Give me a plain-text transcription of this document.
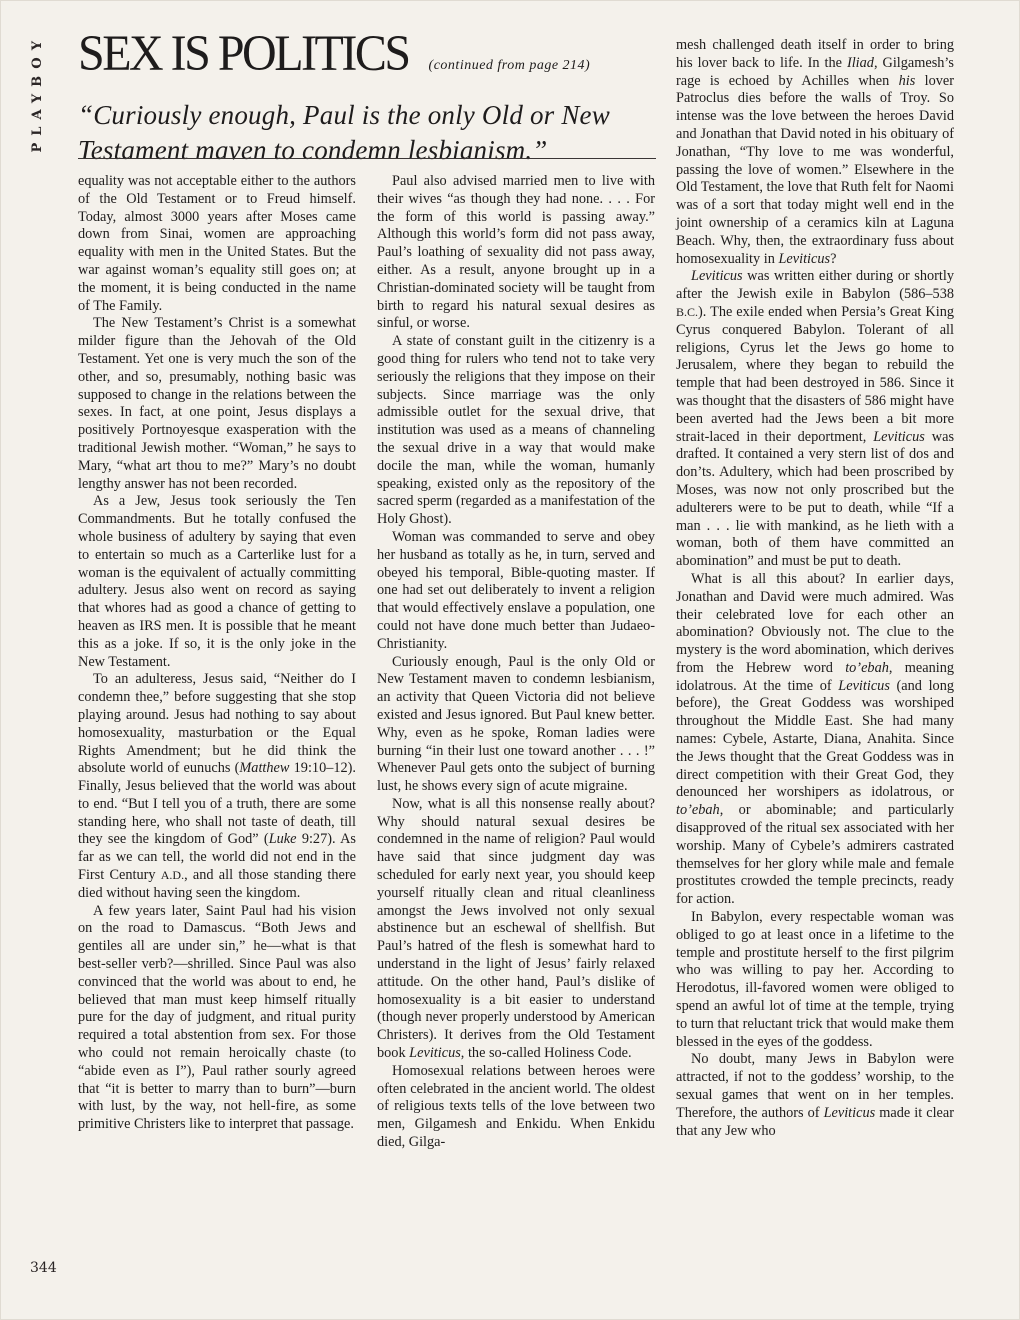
PLAYBOY
344
SEX IS POLITICS (continued from page 214)

“Curiously enough, Paul is the only Old or New Testament maven to condemn lesbianism.”

equality was not acceptable either to the authors of the Old Testament or to Freud himself. Today, almost 3000 years after Moses came down from Sinai, women are approaching equality with men in the United States. But the war against woman’s equality still goes on; at the moment, it is being conducted in the name of The Family.

The New Testament’s Christ is a somewhat milder figure than the Jehovah of the Old Testament. Yet one is very much the son of the other, and so, presumably, nothing basic was supposed to change in the relations between the sexes. In fact, at one point, Jesus displays a positively Portnoyesque exasperation with the traditional Jewish mother. “Woman,” he says to Mary, “what art thou to me?” Mary’s no doubt lengthy answer has not been recorded.

As a Jew, Jesus took seriously the Ten Commandments. But he totally confused the whole business of adultery by saying that even to entertain so much as a Carterlike lust for a woman is the equivalent of actually committing adultery. Jesus also went on record as saying that whores had as good a chance of getting to heaven as IRS men. It is possible that he meant this as a joke. If so, it is the only joke in the New Testament.

To an adulteress, Jesus said, “Neither do I condemn thee,” before suggesting that she stop playing around. Jesus had nothing to say about homosexuality, masturbation or the Equal Rights Amendment; but he did think the absolute world of eunuchs (Matthew 19:10–12). Finally, Jesus believed that the world was about to end. “But I tell you of a truth, there are some standing here, who shall not taste of death, till they see the kingdom of God” (Luke 9:27). As far as we can tell, the world did not end in the First Century A.D., and all those standing there died without having seen the kingdom.

A few years later, Saint Paul had his vision on the road to Damascus. “Both Jews and gentiles all are under sin,” he—what is that best-seller verb?—shrilled. Since Paul was also convinced that the world was about to end, he believed that man must keep himself ritually pure for the day of judgment, and ritual purity required a total abstention from sex. For those who could not remain heroically chaste (to “abide even as I”), Paul rather sourly agreed that “it is better to marry than to burn”—burn with lust, by the way, not hell-fire, as some primitive Christers like to interpret that passage.

Paul also advised married men to live with their wives “as though they had none. . . . For the form of this world is passing away.” Although this world’s form did not pass away, Paul’s loathing of sexuality did not pass away, either. As a result, anyone brought up in a Christian-dominated society will be taught from birth to regard his natural sexual desires as sinful, or worse.

A state of constant guilt in the citizenry is a good thing for rulers who tend not to take very seriously the religions that they impose on their subjects. Since marriage was the only admissible outlet for the sexual drive, that institution was used as a means of channeling the sexual drive in a way that would make docile the man, while the woman, humanly speaking, existed only as the repository of the sacred sperm (regarded as a manifestation of the Holy Ghost).

Woman was commanded to serve and obey her husband as totally as he, in turn, served and obeyed his temporal, Bible-quoting master. If one had set out deliberately to invent a religion that would effectively enslave a population, one could not have done much better than Judaeo-Christianity.

Curiously enough, Paul is the only Old or New Testament maven to condemn lesbianism, an activity that Queen Victoria did not believe existed and Jesus ignored. But Paul knew better. Why, even as he spoke, Roman ladies were burning “in their lust one toward another . . . !” Whenever Paul gets onto the subject of burning lust, he shows every sign of acute migraine.

Now, what is all this nonsense really about? Why should natural sexual desires be condemned in the name of religion? Paul would have said that since judgment day was scheduled for early next year, you should keep yourself ritually clean and ritual cleanliness amongst the Jews involved not only sexual abstinence but an eschewal of shellfish. But Paul’s hatred of the flesh is somewhat hard to understand in the light of Jesus’ fairly relaxed attitude. On the other hand, Paul’s dislike of homosexuality is a bit easier to understand (though never properly understood by American Christers). It derives from the Old Testament book Leviticus, the so-called Holiness Code.

Homosexual relations between heroes were often celebrated in the ancient world. The oldest of religious texts tells of the love between two men, Gilgamesh and Enkidu. When Enkidu died, Gilga-

mesh challenged death itself in order to bring his lover back to life. In the Iliad, Gilgamesh’s rage is echoed by Achilles when his lover Patroclus dies before the walls of Troy. So intense was the love between the heroes David and Jonathan that David noted in his obituary of Jonathan, “Thy love to me was wonderful, passing the love of women.” Elsewhere in the Old Testament, the love that Ruth felt for Naomi was of a sort that today might well end in the joint ownership of a ceramics kiln at Laguna Beach. Why, then, the extraordinary fuss about homosexuality in Leviticus?

Leviticus was written either during or shortly after the Jewish exile in Babylon (586–538 B.C.). The exile ended when Persia’s Great King Cyrus conquered Babylon. Tolerant of all religions, Cyrus let the Jews go home to Jerusalem, where they began to rebuild the temple that had been destroyed in 586. Since it was thought that the disasters of 586 might have been averted had the Jews been a bit more strait-laced in their deportment, Leviticus was drafted. It contained a very stern list of dos and don’ts. Adultery, which had been proscribed by Moses, was now not only proscribed but the adulterers were to be put to death, while “If a man . . . lie with mankind, as he lieth with a woman, both of them have committed an abomination” and must be put to death.

What is all this about? In earlier days, Jonathan and David were much admired. Was their celebrated love for each other an abomination? Obviously not. The clue to the mystery is the word abomination, which derives from the Hebrew word to’ebah, meaning idolatrous. At the time of Leviticus (and long before), the Great Goddess was worshiped throughout the Middle East. She had many names: Cybele, Astarte, Diana, Anahita. Since the Jews thought that the Great Goddess was in direct competition with their Great God, they denounced her worshipers as idolatrous, or to’ebah, or abominable; and particularly disapproved of the ritual sex associated with her worship. Many of Cybele’s admirers castrated themselves for her glory while male and female prostitutes crowded the temple precincts, ready for action.

In Babylon, every respectable woman was obliged to go at least once in a lifetime to the temple and prostitute herself to the first pilgrim who was willing to pay her. According to Herodotus, ill-favored women were obliged to spend an awful lot of time at the temple, trying to turn that reluctant trick that would make them blessed in the eyes of the goddess.

No doubt, many Jews in Babylon were attracted, if not to the goddess’ worship, to the sexual games that went on in her temples. Therefore, the authors of Leviticus made it clear that any Jew who
